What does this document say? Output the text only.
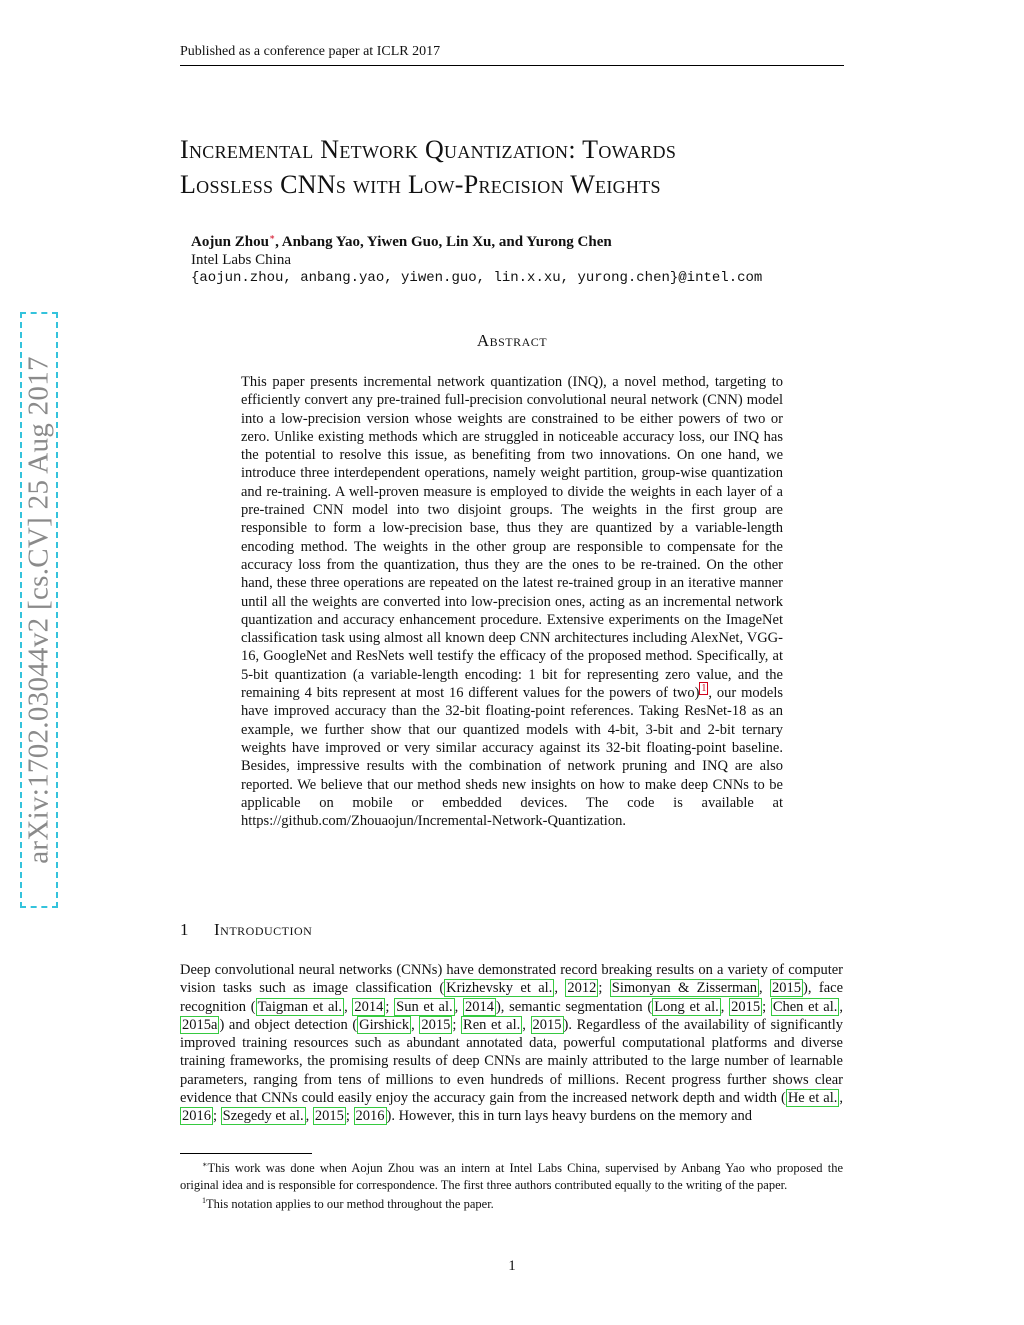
Published as a conference paper at ICLR 2017
Incremental Network Quantization: Towards
Lossless CNNs with Low-Precision Weights
Aojun Zhou∗, Anbang Yao, Yiwen Guo, Lin Xu, and Yurong Chen
Intel Labs China
{aojun.zhou, anbang.yao, yiwen.guo, lin.x.xu, yurong.chen}@intel.com
arXiv:1702.03044v2 [cs.CV] 25 Aug 2017
Abstract
This paper presents incremental network quantization (INQ), a novel method, targeting to efficiently convert any pre-trained full-precision convolutional neural network (CNN) model into a low-precision version whose weights are constrained to be either powers of two or zero. Unlike existing methods which are struggled in noticeable accuracy loss, our INQ has the potential to resolve this issue, as benefiting from two innovations. On one hand, we introduce three interdependent operations, namely weight partition, group-wise quantization and re-training. A well-proven measure is employed to divide the weights in each layer of a pre-trained CNN model into two disjoint groups. The weights in the first group are responsible to form a low-precision base, thus they are quantized by a variable-length encoding method. The weights in the other group are responsible to compensate for the accuracy loss from the quantization, thus they are the ones to be re-trained. On the other hand, these three operations are repeated on the latest re-trained group in an iterative manner until all the weights are converted into low-precision ones, acting as an incremental network quantization and accuracy enhancement procedure. Extensive experiments on the ImageNet classification task using almost all known deep CNN architectures including AlexNet, VGG-16, GoogleNet and ResNets well testify the efficacy of the proposed method. Specifically, at 5-bit quantization (a variable-length encoding: 1 bit for representing zero value, and the remaining 4 bits represent at most 16 different values for the powers of two) $^1$ , our models have improved accuracy than the 32-bit floating-point references. Taking ResNet-18 as an example, we further show that our quantized models with 4-bit, 3-bit and 2-bit ternary weights have improved or very similar accuracy against its 32-bit floating-point baseline. Besides, impressive results with the combination of network pruning and INQ are also reported. We believe that our method sheds new insights on how to make deep CNNs to be applicable on mobile or embedded devices. The code is available at https://github.com/Zhouaojun/Incremental-Network-Quantization.
1 Introduction
Deep convolutional neural networks (CNNs) have demonstrated record breaking results on a variety of computer vision tasks such as image classification ( Krizhevsky et al. , 2012 ; Simonyan & Zisserman , 2015 ), face recognition ( Taigman et al. , 2014 ; Sun et al. , 2014 ), semantic segmentation ( Long et al. , 2015 ; Chen et al. , 2015a ) and object detection ( Girshick , 2015 ; Ren et al. , 2015 ). Regardless of the availability of significantly improved training resources such as abundant annotated data, powerful computational platforms and diverse training frameworks, the promising results of deep CNNs are mainly attributed to the large number of learnable parameters, ranging from tens of millions to even hundreds of millions. Recent progress further shows clear evidence that CNNs could easily enjoy the accuracy gain from the increased network depth and width ( He et al. , 2016 ; Szegedy et al. , 2015 ; 2016 ). However, this in turn lays heavy burdens on the memory and

∗This work was done when Aojun Zhou was an intern at Intel Labs China, supervised by Anbang Yao who proposed the original idea and is responsible for correspondence. The first three authors contributed equally to the writing of the paper.

$^1$This notation applies to our method throughout the paper.

1
